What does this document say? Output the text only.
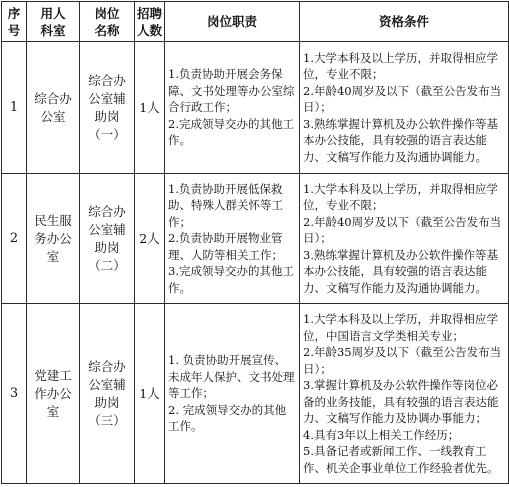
序号	用人科室	岗位名称	招聘人数	岗位职责	资格条件
1	综合办公室	综合办公室辅助岗（一）	1人	1.负责协助开展会务保障、文书处理等办公室综合行政工作；
2.完成领导交办的其他工作。	1.大学本科及以上学历，并取得相应学位，专业不限；
2.年龄40周岁及以下（截至公告发布当日）；
3.熟练掌握计算机及办公软件操作等基本办公技能，具有较强的语言表达能力、文稿写作能力及沟通协调能力。

2	民生服务办公室	综合办公室辅助岗（二）	2人	1.负责协助开展低保救助、特殊人群关怀等工作；
2.负责协助开展物业管理、人防等相关工作；
3.完成领导交办的其他工作。	1.大学本科及以上学历，并取得相应学位，专业不限；
2.年龄40周岁及以下（截至公告发布当日）；
3.熟练掌握计算机及办公软件操作等基本办公技能，具有较强的语言表达能力、文稿写作能力及沟通协调能力。

3	党建工作办公室	综合办公室辅助岗（三）	1人	1. 负责协助开展宣传、未成年人保护、文书处理等工作；
2. 完成领导交办的其他工作。	1.大学本科及以上学历，并取得相应学位，中国语言文学类相关专业；
2.年龄35周岁及以下（截至公告发布当日）；
3.掌握计算机及办公软件操作等岗位必备的业务技能，具有较强的语言表达能力、文稿写作能力及协调办事能力；
4.具有3年以上相关工作经历；
5.具备记者或新闻工作、一线教育工作、机关企事业单位工作经验者优先。
